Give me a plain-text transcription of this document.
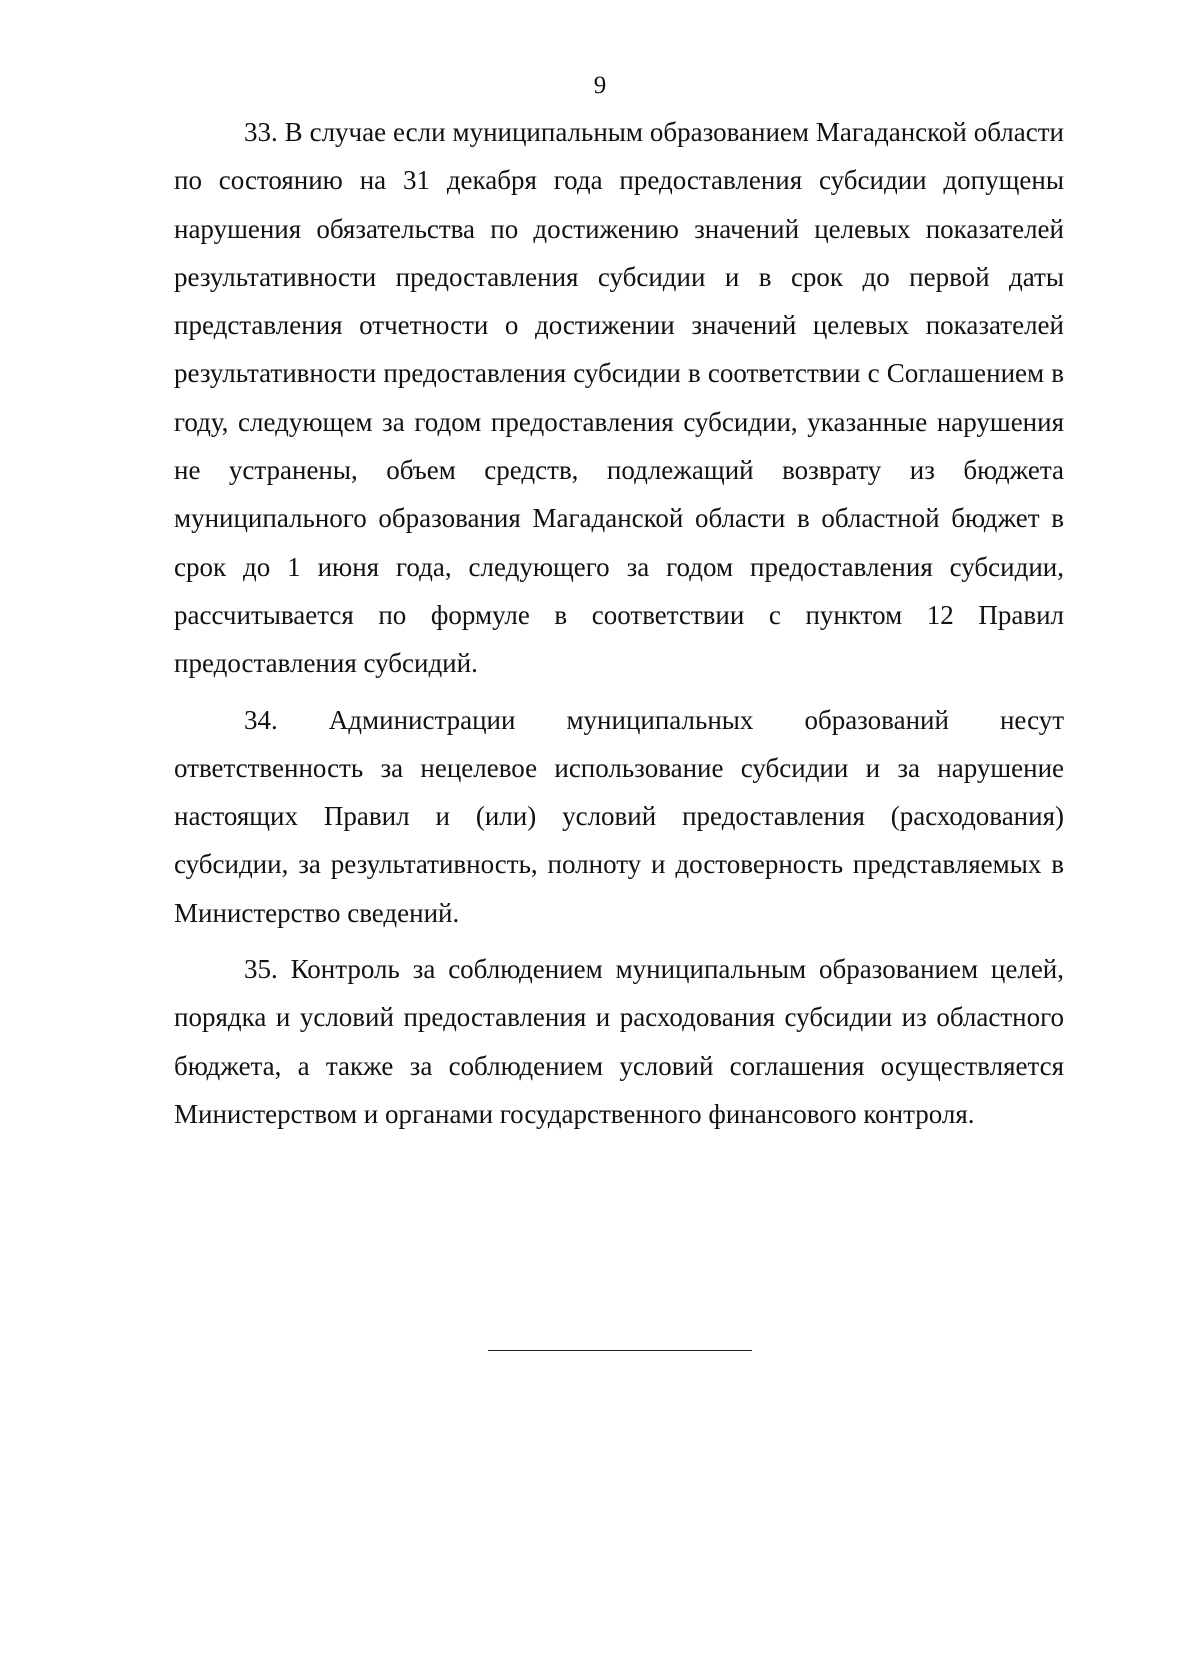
9

33. В случае если муниципальным образованием Магаданской области по состоянию на 31 декабря года предоставления субсидии допущены нарушения обязательства по достижению значений целевых показателей результативности предоставления субсидии и в срок до первой даты представления отчетности о достижении значений целевых показателей результативности предоставления субсидии в соответствии с Соглашением в году, следующем за годом предоставления субсидии, указанные нарушения не устранены, объем средств, подлежащий возврату из бюджета муниципального образования Магаданской области в областной бюджет в срок до 1 июня года, следующего за годом предоставления субсидии, рассчитывается по формуле в соответствии с пунктом 12 Правил предоставления субсидий.

34. Администрации муниципальных образований несут ответственность за нецелевое использование субсидии и за нарушение настоящих Правил и (или) условий предоставления (расходования) субсидии, за результативность, полноту и достоверность представляемых в Министерство сведений.

35. Контроль за соблюдением муниципальным образованием целей, порядка и условий предоставления и расходования субсидии из областного бюджета, а также за соблюдением условий соглашения осуществляется Министерством и органами государственного финансового контроля.
